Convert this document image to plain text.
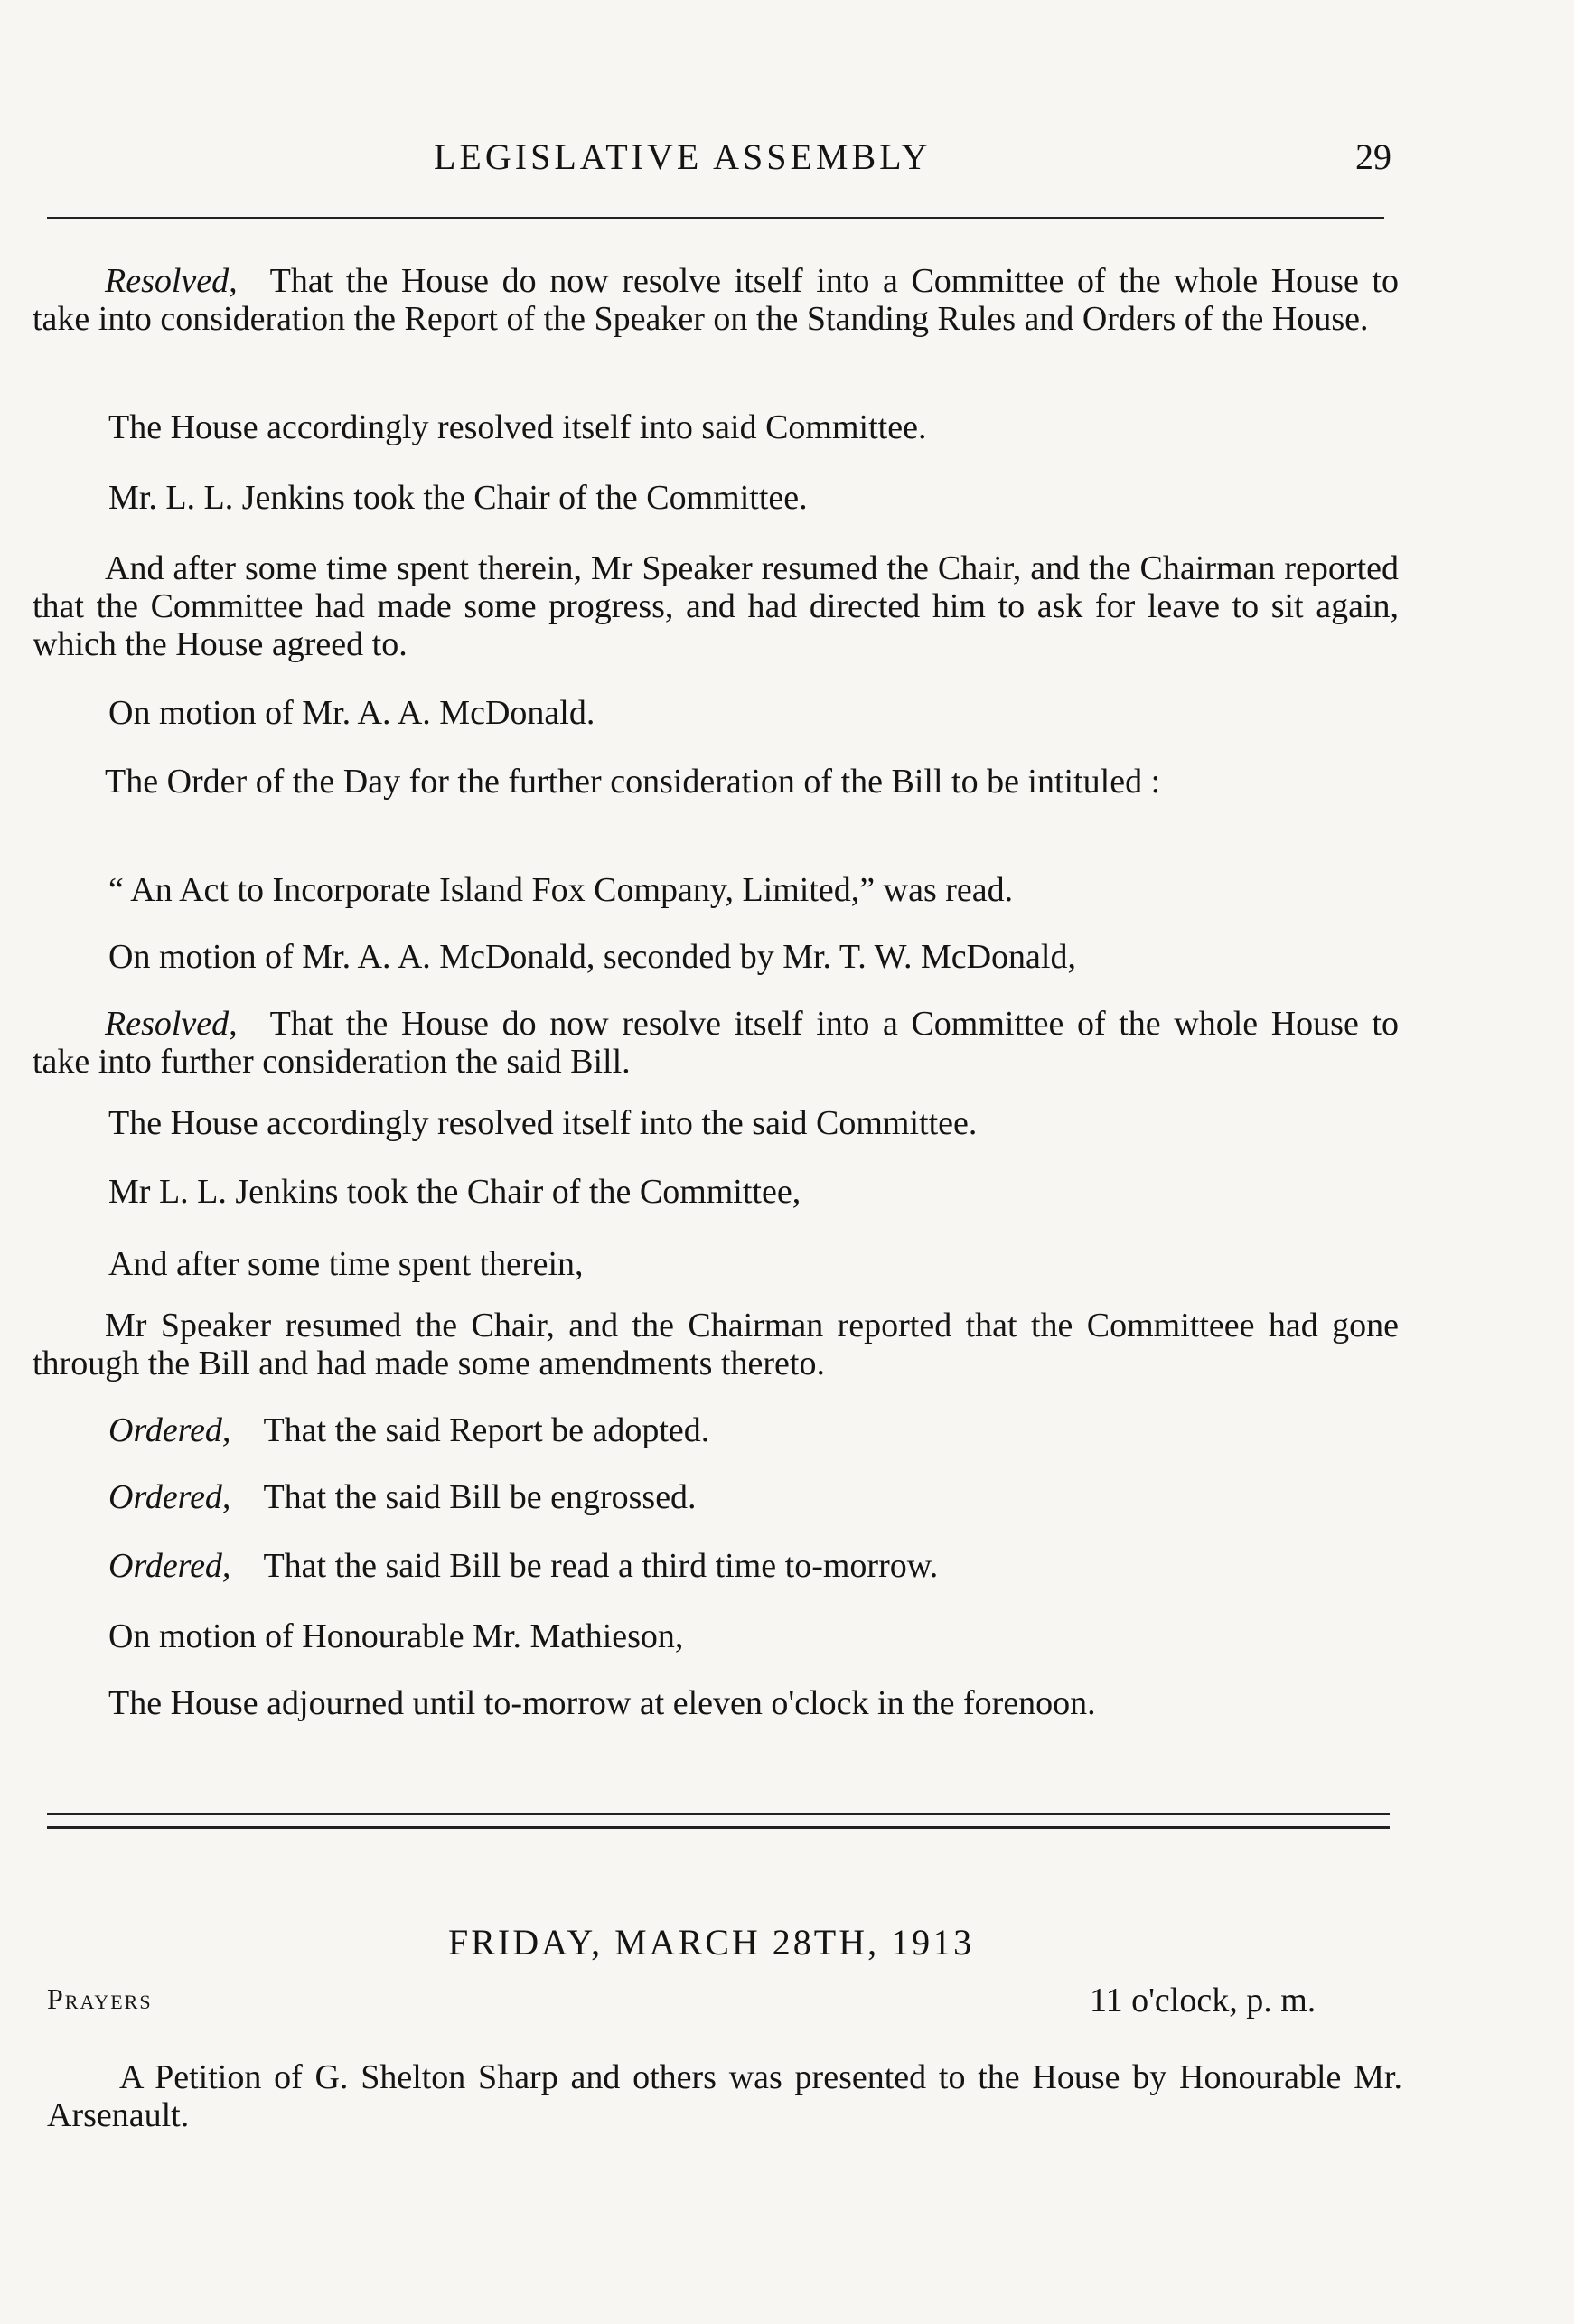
LEGISLATIVE ASSEMBLY	29

Resolved, That the House do now resolve itself into a Committee of the whole House to take into consideration the Report of the Speaker on the Standing Rules and Orders of the House.

The House accordingly resolved itself into said Committee.
Mr. L. L. Jenkins took the Chair of the Committee.

And after some time spent therein, Mr Speaker resumed the Chair, and the Chairman reported that the Committee had made some progress, and had directed him to ask for leave to sit again, which the House agreed to.

On motion of Mr. A. A. McDonald.

The Order of the Day for the further consideration of the Bill to be intituled :

“ An Act to Incorporate Island Fox Company, Limited,” was read.
On motion of Mr. A. A. McDonald, seconded by Mr. T. W. McDonald,

Resolved, That the House do now resolve itself into a Committee of the whole House to take into further consideration the said Bill.

The House accordingly resolved itself into the said Committee.
Mr L. L. Jenkins took the Chair of the Committee,
And after some time spent therein,

Mr Speaker resumed the Chair, and the Chairman reported that the Committeee had gone through the Bill and had made some amendments thereto.

Ordered, That the said Report be adopted.
Ordered, That the said Bill be engrossed.
Ordered, That the said Bill be read a third time to-morrow.
On motion of Honourable Mr. Mathieson,
The House adjourned until to-morrow at eleven o'clock in the forenoon.
FRIDAY, MARCH 28TH, 1913
Prayers	11 o'clock, p. m.

A Petition of G. Shelton Sharp and others was presented to the House by Honourable Mr. Arsenault.
